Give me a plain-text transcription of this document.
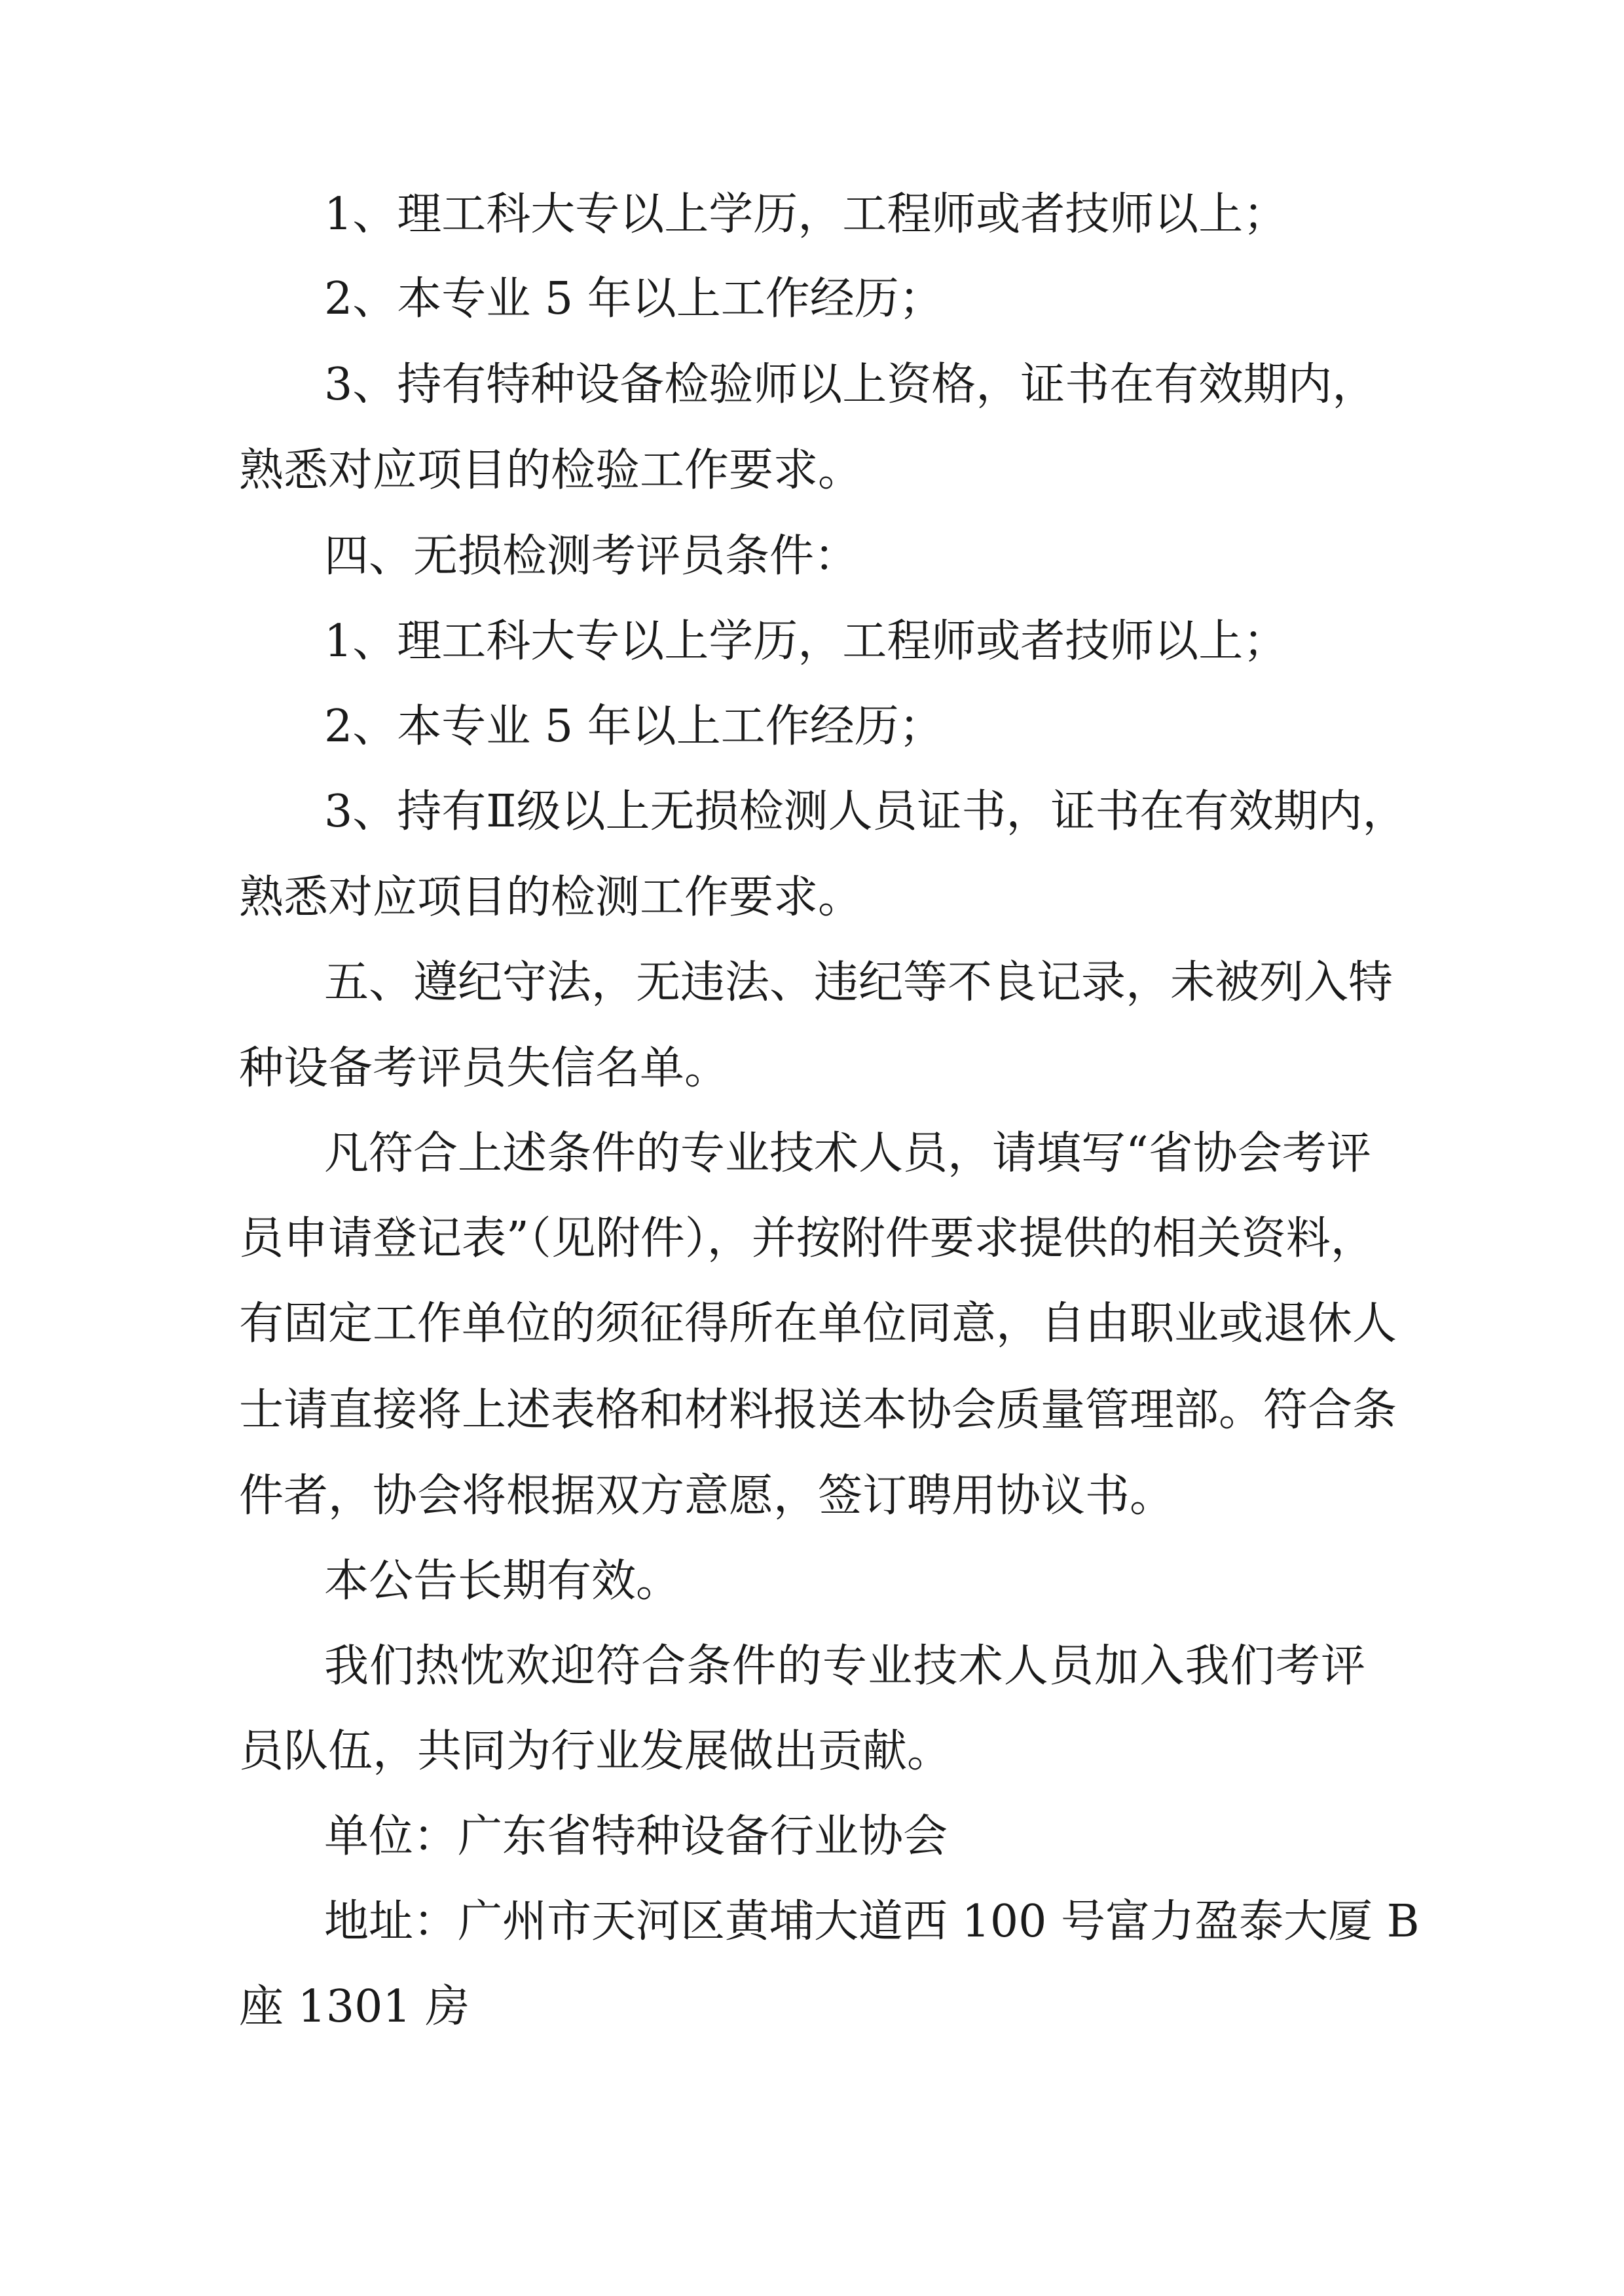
1、理工科大专以上学历，工程师或者技师以上；
2、本专业 5 年以上工作经历；
3、持有特种设备检验师以上资格，证书在有效期内，
熟悉对应项目的检验工作要求。
四、无损检测考评员条件：
1、理工科大专以上学历，工程师或者技师以上；
2、本专业 5 年以上工作经历；
3、持有Ⅱ级以上无损检测人员证书，证书在有效期内，
熟悉对应项目的检测工作要求。
五、遵纪守法，无违法、违纪等不良记录，未被列入特
种设备考评员失信名单。
凡符合上述条件的专业技术人员，请填写“省协会考评
员申请登记表”（见附件），并按附件要求提供的相关资料，
有固定工作单位的须征得所在单位同意，自由职业或退休人
士请直接将上述表格和材料报送本协会质量管理部。符合条
件者，协会将根据双方意愿，签订聘用协议书。
本公告长期有效。
我们热忱欢迎符合条件的专业技术人员加入我们考评
员队伍，共同为行业发展做出贡献。
单位：广东省特种设备行业协会
地址：广州市天河区黄埔大道西 100 号富力盈泰大厦 B
座 1301 房
